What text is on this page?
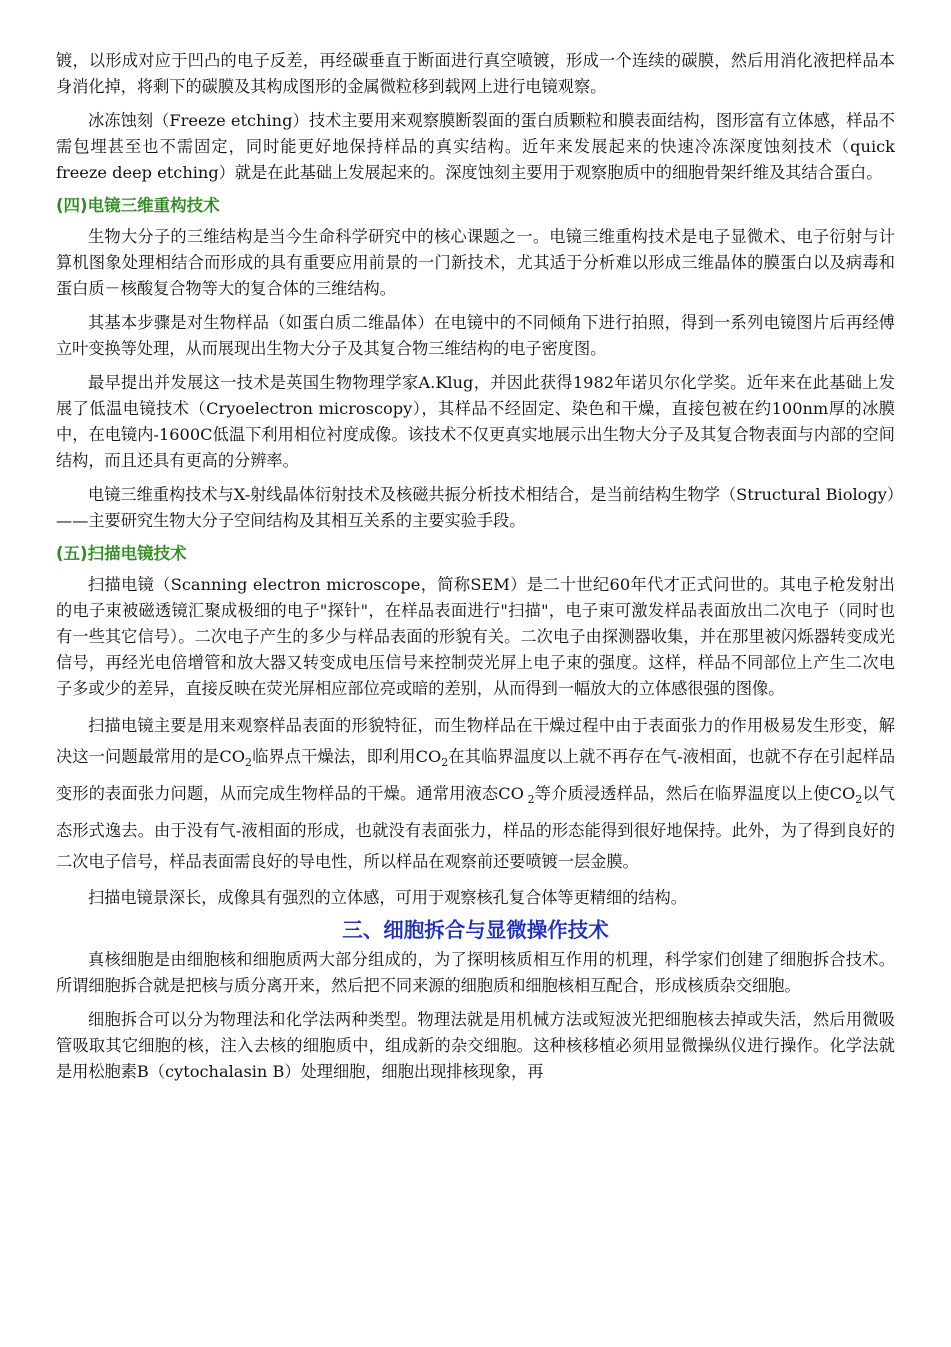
镀，以形成对应于凹凸的电子反差，再经碳垂直于断面进行真空喷镀，形成一个连续的碳膜，然后用消化液把样品本身消化掉，将剩下的碳膜及其构成图形的金属微粒移到载网上进行电镜观察。

冰冻蚀刻（Freeze etching）技术主要用来观察膜断裂面的蛋白质颗粒和膜表面结构，图形富有立体感，样品不需包埋甚至也不需固定，同时能更好地保持样品的真实结构。近年来发展起来的快速冷冻深度蚀刻技术（quick freeze deep etching）就是在此基础上发展起来的。深度蚀刻主要用于观察胞质中的细胞骨架纤维及其结合蛋白。

(四)电镜三维重构技术

生物大分子的三维结构是当今生命科学研究中的核心课题之一。电镜三维重构技术是电子显微术、电子衍射与计算机图象处理相结合而形成的具有重要应用前景的一门新技术，尤其适于分析难以形成三维晶体的膜蛋白以及病毒和蛋白质－核酸复合物等大的复合体的三维结构。

其基本步骤是对生物样品（如蛋白质二维晶体）在电镜中的不同倾角下进行拍照，得到一系列电镜图片后再经傅立叶变换等处理，从而展现出生物大分子及其复合物三维结构的电子密度图。

最早提出并发展这一技术是英国生物物理学家A.Klug，并因此获得1982年诺贝尔化学奖。近年来在此基础上发展了低温电镜技术（Cryoelectron microscopy），其样品不经固定、染色和干燥，直接包被在约100nm厚的冰膜中，在电镜内-1600C低温下利用相位衬度成像。该技术不仅更真实地展示出生物大分子及其复合物表面与内部的空间结构，而且还具有更高的分辨率。

电镜三维重构技术与X-射线晶体衍射技术及核磁共振分析技术相结合，是当前结构生物学（Structural Biology）——主要研究生物大分子空间结构及其相互关系的主要实验手段。

(五)扫描电镜技术

扫描电镜（Scanning electron microscope，简称SEM）是二十世纪60年代才正式问世的。其电子枪发射出的电子束被磁透镜汇聚成极细的电子"探针"，在样品表面进行"扫描"，电子束可激发样品表面放出二次电子（同时也有一些其它信号）。二次电子产生的多少与样品表面的形貌有关。二次电子由探测器收集，并在那里被闪烁器转变成光信号，再经光电倍增管和放大器又转变成电压信号来控制荧光屏上电子束的强度。这样，样品不同部位上产生二次电子多或少的差异，直接反映在荧光屏相应部位亮或暗的差别，从而得到一幅放大的立体感很强的图像。

扫描电镜主要是用来观察样品表面的形貌特征，而生物样品在干燥过程中由于表面张力的作用极易发生形变，解决这一问题最常用的是$CO_2$临界点干燥法，即利用$CO_2$在其临界温度以上就不再存在气-液相面，也就不存在引起样品变形的表面张力问题，从而完成生物样品的干燥。通常用液态CO $_2$等介质浸透样品，然后在临界温度以上使$CO_2$以气态形式逸去。由于没有气-液相面的形成，也就没有表面张力，样品的形态能得到很好地保持。此外，为了得到良好的二次电子信号，样品表面需良好的导电性，所以样品在观察前还要喷镀一层金膜。

扫描电镜景深长，成像具有强烈的立体感，可用于观察核孔复合体等更精细的结构。

三、细胞拆合与显微操作技术

真核细胞是由细胞核和细胞质两大部分组成的，为了探明核质相互作用的机理，科学家们创建了细胞拆合技术。所谓细胞拆合就是把核与质分离开来，然后把不同来源的细胞质和细胞核相互配合，形成核质杂交细胞。

细胞拆合可以分为物理法和化学法两种类型。物理法就是用机械方法或短波光把细胞核去掉或失活，然后用微吸管吸取其它细胞的核，注入去核的细胞质中，组成新的杂交细胞。这种核移植必须用显微操纵仪进行操作。化学法就是用松胞素B（cytochalasin B）处理细胞，细胞出现排核现象，再
